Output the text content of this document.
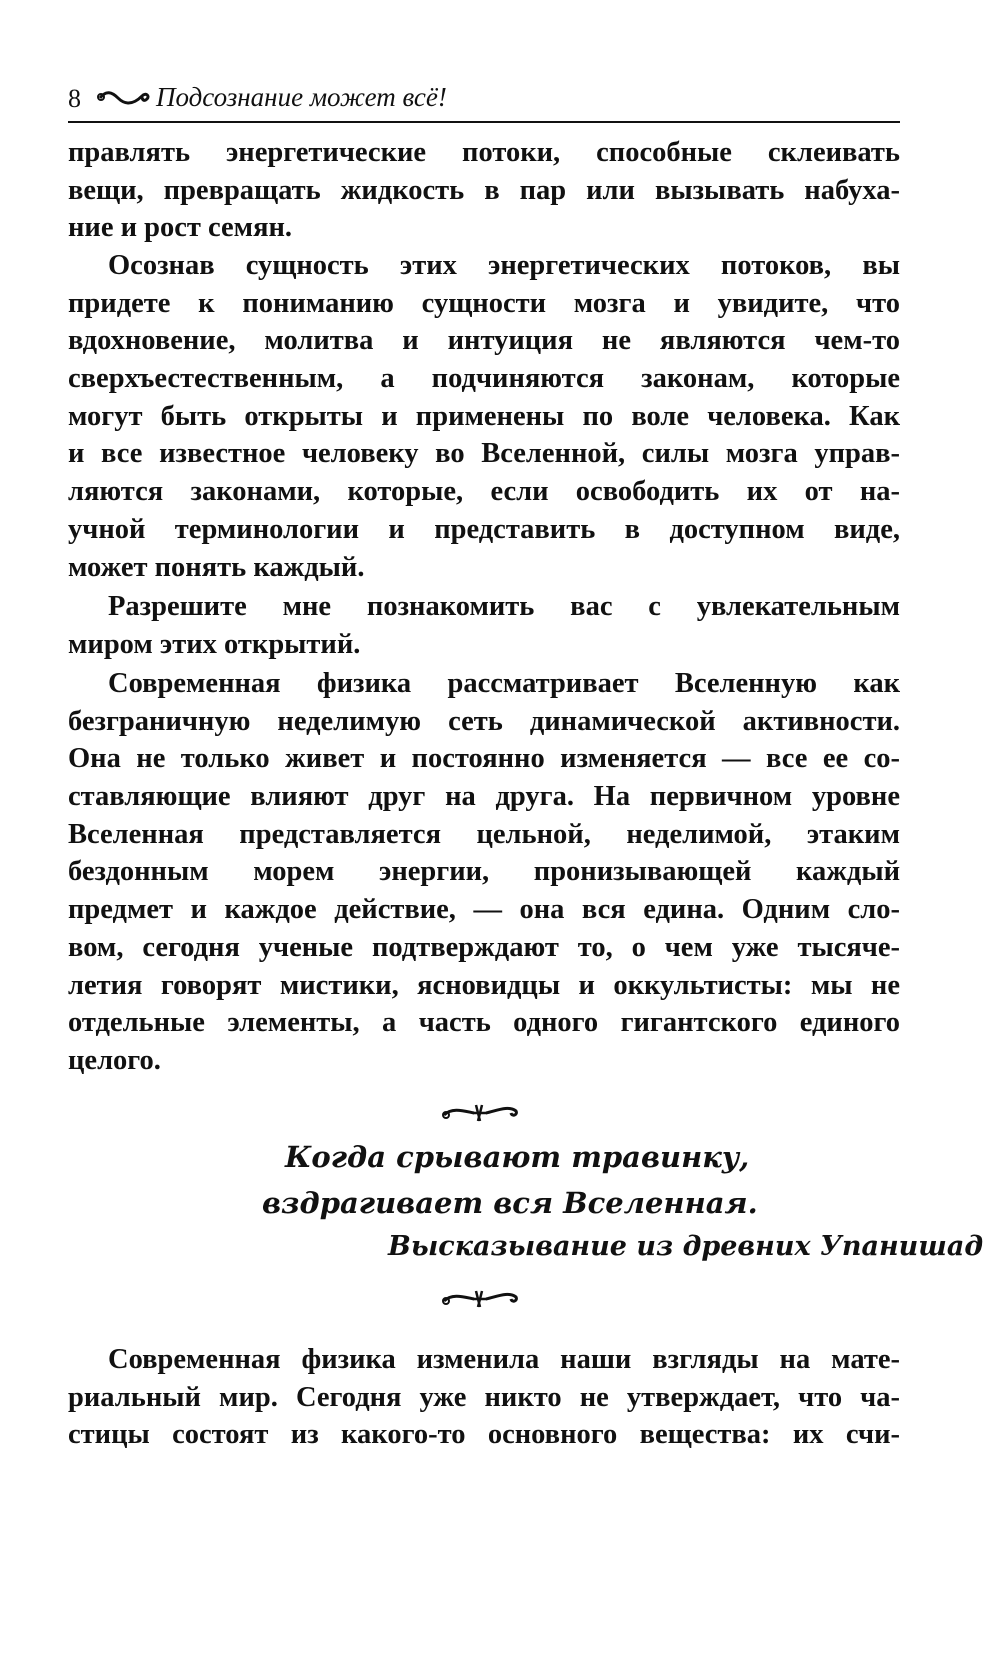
8	Подсознание может всё!
правлять энергетические потоки, способные склеивать
вещи, превращать жидкость в пар или вызывать набуха-
ние и рост семян.
Осознав сущность этих энергетических потоков, вы
придете к пониманию сущности мозга и увидите, что
вдохновение, молитва и интуиция не являются чем-то
сверхъестественным, а подчиняются законам, которые
могут быть открыты и применены по воле человека. Как
и все известное человеку во Вселенной, силы мозга управ-
ляются законами, которые, если освободить их от на-
учной терминологии и представить в доступном виде,
может понять каждый.
Разрешите мне познакомить вас с увлекательным
миром этих открытий.
Современная физика рассматривает Вселенную как
безграничную неделимую сеть динамической активности.
Она не только живет и постоянно изменяется — все ее со-
ставляющие влияют друг на друга. На первичном уровне
Вселенная представляется цельной, неделимой, этаким
бездонным морем энергии, пронизывающей каждый
предмет и каждое действие, — она вся едина. Одним сло-
вом, сегодня ученые подтверждают то, о чем уже тысяче-
летия говорят мистики, ясновидцы и оккультисты: мы не
отдельные элементы, а часть одного гигантского единого
целого.
Когда срывают травинку,
вздрагивает вся Вселенная.
Высказывание из древних Упанишад
Современная физика изменила наши взгляды на мате-
риальный мир. Сегодня уже никто не утверждает, что ча-
стицы состоят из какого-то основного вещества: их счи-
